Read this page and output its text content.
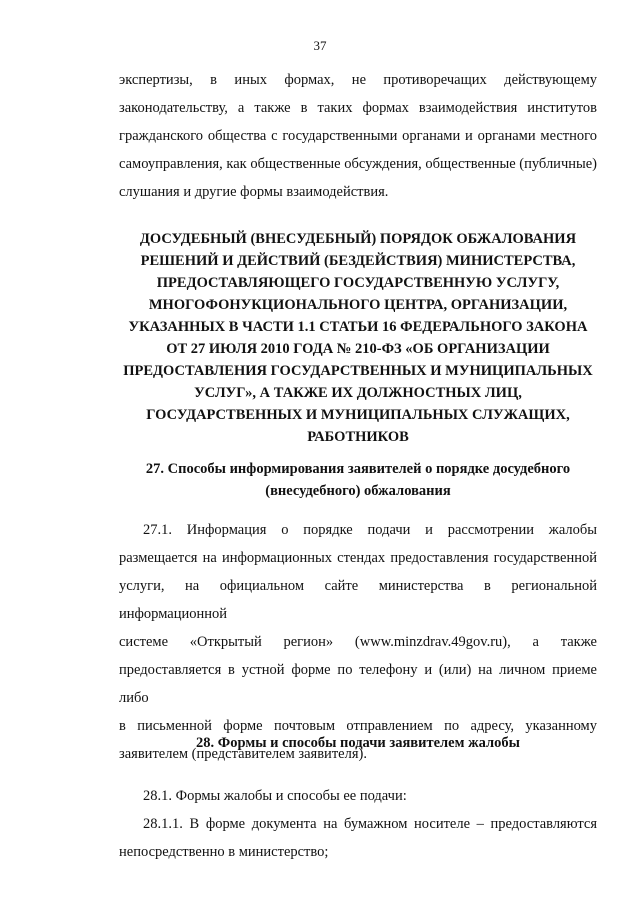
37
экспертизы, в иных формах, не противоречащих действующему
законодательству, а также в таких формах взаимодействия институтов
гражданского общества с государственными органами и органами местного
самоуправления, как общественные обсуждения, общественные (публичные)
слушания и другие формы взаимодействия.
ДОСУДЕБНЫЙ (ВНЕСУДЕБНЫЙ) ПОРЯДОК ОБЖАЛОВАНИЯ
РЕШЕНИЙ И ДЕЙСТВИЙ (БЕЗДЕЙСТВИЯ) МИНИСТЕРСТВА,
ПРЕДОСТАВЛЯЮЩЕГО ГОСУДАРСТВЕННУЮ УСЛУГУ,
МНОГОФОНУКЦИОНАЛЬНОГО ЦЕНТРА, ОРГАНИЗАЦИИ,
УКАЗАННЫХ В ЧАСТИ 1.1 СТАТЬИ 16 ФЕДЕРАЛЬНОГО ЗАКОНА
ОТ 27 ИЮЛЯ 2010 ГОДА № 210-ФЗ «ОБ ОРГАНИЗАЦИИ
ПРЕДОСТАВЛЕНИЯ ГОСУДАРСТВЕННЫХ И МУНИЦИПАЛЬНЫХ
УСЛУГ», А ТАКЖЕ ИХ ДОЛЖНОСТНЫХ ЛИЦ,
ГОСУДАРСТВЕННЫХ И МУНИЦИПАЛЬНЫХ СЛУЖАЩИХ,
РАБОТНИКОВ
27. Способы информирования заявителей о порядке досудебного
(внесудебного) обжалования
27.1. Информация о порядке подачи и рассмотрении жалобы
размещается на информационных стендах предоставления государственной
услуги, на официальном сайте министерства в региональной информационной
системе «Открытый регион» (www.minzdrav.49gov.ru), а также
предоставляется в устной форме по телефону и (или) на личном приеме либо
в письменной форме почтовым отправлением по адресу, указанному
заявителем (представителем заявителя).
28. Формы и способы подачи заявителем жалобы
28.1. Формы жалобы и способы ее подачи:
28.1.1. В форме документа на бумажном носителе – предоставляются
непосредственно в министерство;
